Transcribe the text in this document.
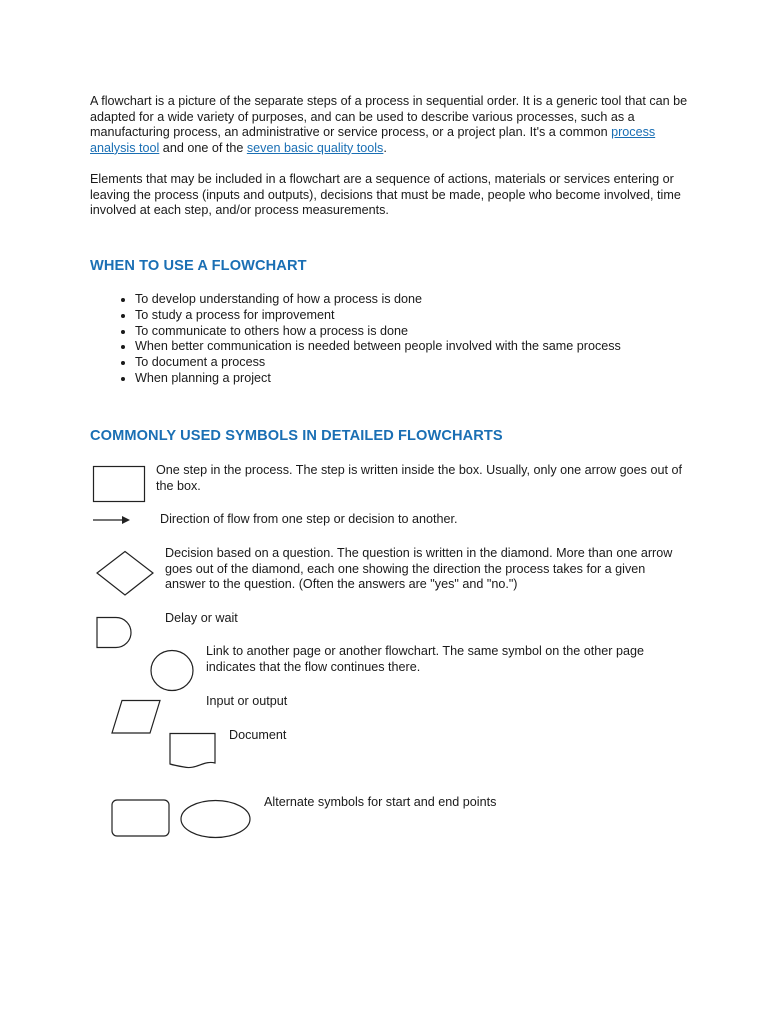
A flowchart is a picture of the separate steps of a process in sequential order. It is a generic tool that can be adapted for a wide variety of purposes, and can be used to describe various processes, such as a manufacturing process, an administrative or service process, or a project plan. It's a common process analysis tool and one of the seven basic quality tools.

Elements that may be included in a flowchart are a sequence of actions, materials or services entering or leaving the process (inputs and outputs), decisions that must be made, people who become involved, time involved at each step, and/or process measurements.

WHEN TO USE A FLOWCHART
• To develop understanding of how a process is done
• To study a process for improvement
• To communicate to others how a process is done
• When better communication is needed between people involved with the same process
• To document a process
• When planning a project
COMMONLY USED SYMBOLS IN DETAILED FLOWCHARTS

One step in the process. The step is written inside the box. Usually, only one arrow goes out of the box.

Direction of flow from one step or decision to another.

Decision based on a question. The question is written in the diamond. More than one arrow goes out of the diamond, each one showing the direction the process takes for a given answer to the question. (Often the answers are "yes" and "no.")

Delay or wait

Link to another page or another flowchart. The same symbol on the other page indicates that the flow continues there.

Input or output

Document

Alternate symbols for start and end points
